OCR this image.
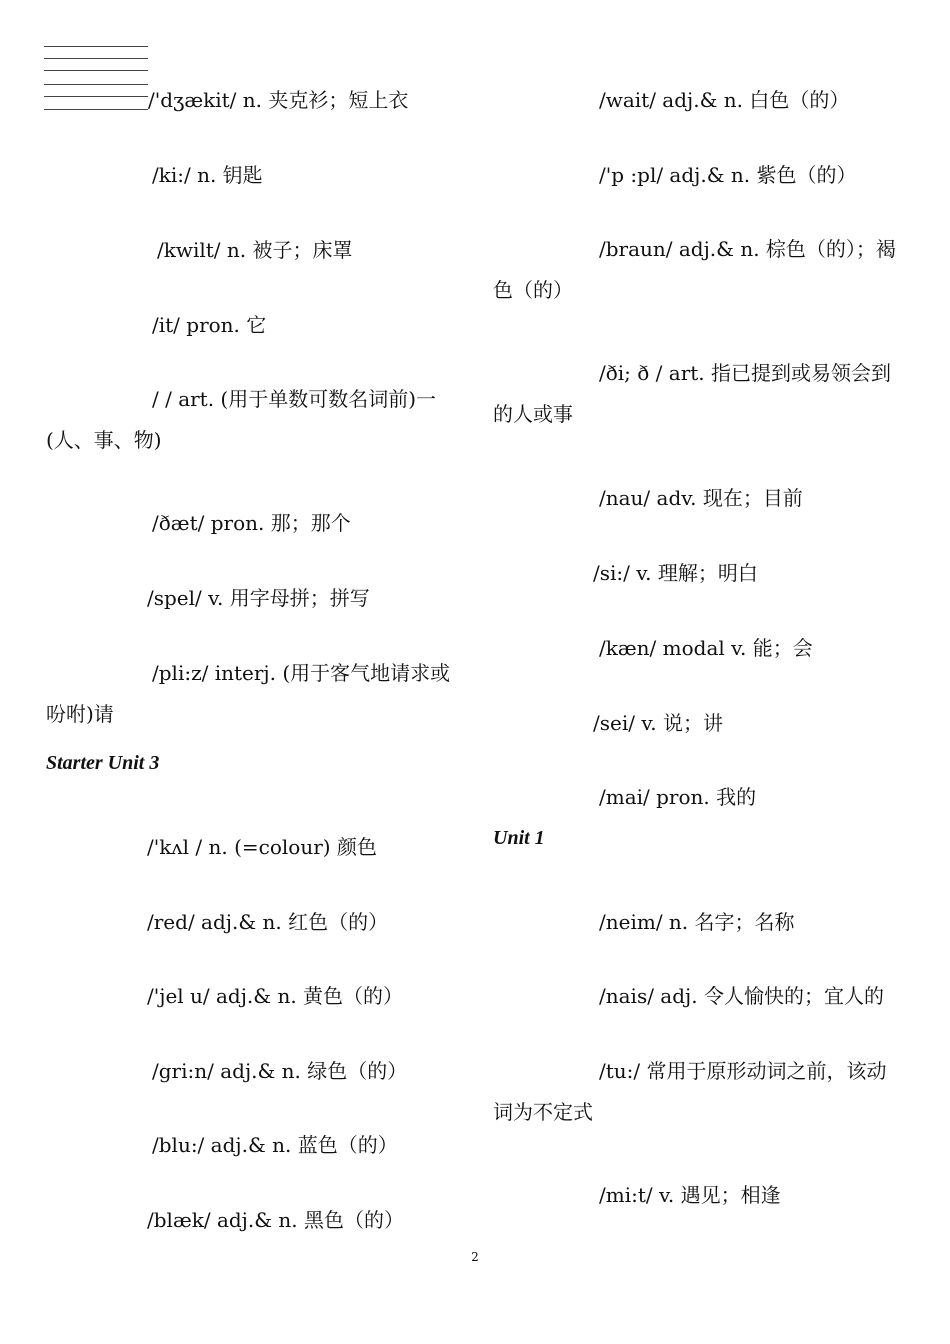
/'dʒækit/ n. 夹克衫；短上衣
/ki:/ n. 钥匙
/kwilt/ n. 被子；床罩
/it/ pron. 它
/ / art. (用于单数可数名词前)一
(人、事、物)
/ðæt/ pron. 那；那个
/spel/ v. 用字母拼；拼写
/pli:z/ interj. (用于客气地请求或
吩咐)请
Starter Unit 3
/'kʌl / n. (=colour) 颜色
/red/ adj.& n. 红色（的）
/'jel u/ adj.& n. 黄色（的）
/gri:n/ adj.& n. 绿色（的）
/blu:/ adj.& n. 蓝色（的）
/blæk/ adj.& n. 黑色（的）
/wait/ adj.& n. 白色（的）
/'p :pl/ adj.& n. 紫色（的）
/braun/ adj.& n. 棕色（的）；褐
色（的）
/ði; ð / art. 指已提到或易领会到
的人或事
/nau/ adv. 现在；目前
/si:/ v. 理解；明白
/kæn/ modal v. 能；会
/sei/ v. 说；讲
/mai/ pron. 我的
Unit 1
/neim/ n. 名字；名称
/nais/ adj. 令人愉快的；宜人的
/tu:/ 常用于原形动词之前，该动
词为不定式
/mi:t/ v. 遇见；相逢
2
